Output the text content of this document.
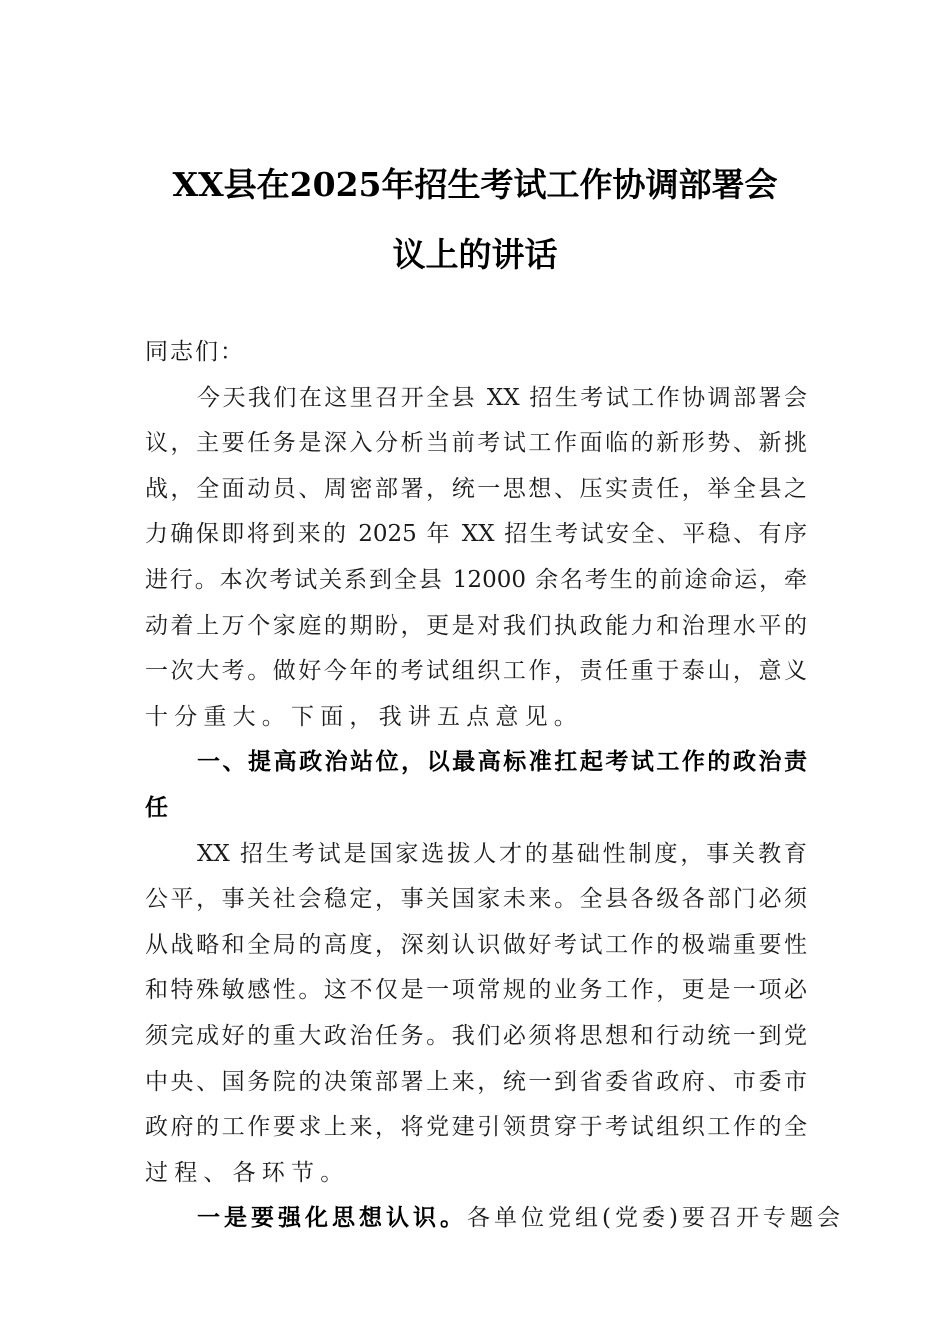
XX县在2025年招生考试工作协调部署会
议上的讲话
同志们：
今天我们在这里召开全县 XX 招生考试工作协调部署会
议，主要任务是深入分析当前考试工作面临的新形势、新挑
战，全面动员、周密部署，统一思想、压实责任，举全县之
力确保即将到来的 2025 年 XX 招生考试安全、平稳、有序
进行。本次考试关系到全县 12000 余名考生的前途命运，牵
动着上万个家庭的期盼，更是对我们执政能力和治理水平的
一次大考。做好今年的考试组织工作，责任重于泰山，意义
十分重大。下面，我讲五点意见。
一、提高政治站位，以最高标准扛起考试工作的政治责
任
XX 招生考试是国家选拔人才的基础性制度，事关教育
公平，事关社会稳定，事关国家未来。全县各级各部门必须
从战略和全局的高度，深刻认识做好考试工作的极端重要性
和特殊敏感性。这不仅是一项常规的业务工作，更是一项必
须完成好的重大政治任务。我们必须将思想和行动统一到党
中央、国务院的决策部署上来，统一到省委省政府、市委市
政府的工作要求上来，将党建引领贯穿于考试组织工作的全
过程、各环节。
一是要强化思想认识。各单位党组(党委)要召开专题会
